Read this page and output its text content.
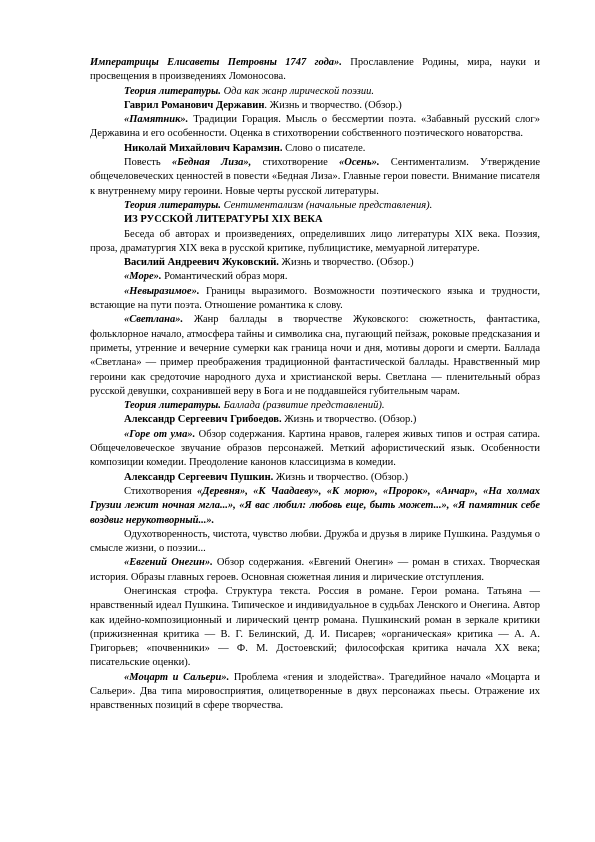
Императрицы Елисаветы Петровны 1747 года». Прославление Родины, мира, науки и просвещения в произведениях Ломоносова.

Теория литературы. Ода как жанр лирической поэзии.

Гаврил Романович Державин. Жизнь и творчество. (Обзор.)

«Памятник». Традиции Горация. Мысль о бессмертии поэта. «Забавный русский слог» Державина и его особенности. Оценка в стихотворении собственного поэтического новаторства.

Николай Михайлович Карамзин. Слово о писателе.

Повесть «Бедная Лиза», стихотворение «Осень». Сентиментализм. Утверждение общечеловеческих ценностей в повести «Бедная Лиза». Главные герои повести. Внимание писателя к внутреннему миру героини. Новые черты русской литературы.

Теория литературы. Сентиментализм (начальные представления).

ИЗ РУССКОЙ ЛИТЕРАТУРЫ XIX ВЕКА

Беседа об авторах и произведениях, определивших лицо литературы XIX века. Поэзия, проза, драматургия XIX века в русской критике, публицистике, мемуарной литературе.

Василий Андреевич Жуковский. Жизнь и творчество. (Обзор.)

«Море». Романтический образ моря.

«Невыразимое». Границы выразимого. Возможности поэтического языка и трудности, встающие на пути поэта. Отношение романтика к слову.

«Светлана». Жанр баллады в творчестве Жуковского: сюжетность, фантастика, фольклорное начало, атмосфера тайны и символика сна, пугающий пейзаж, роковые предсказания и приметы, утренние и вечерние сумерки как граница ночи и дня, мотивы дороги и смерти. Баллада «Светлана» — пример преображения традиционной фантастической баллады. Нравственный мир героини как средоточие народного духа и христианской веры. Светлана — пленительный образ русской девушки, сохранившей веру в Бога и не поддавшейся губительным чарам.

Теория литературы. Баллада (развитие представлений).

Александр Сергеевич Грибоедов. Жизнь и творчество. (Обзор.)

«Горе от ума». Обзор содержания. Картина нравов, галерея живых типов и острая сатира. Общечеловеческое звучание образов персонажей. Меткий афористический язык. Особенности композиции комедии. Преодоление канонов классицизма в комедии.

Александр Сергеевич Пушкин. Жизнь и творчество. (Обзор.)

Стихотворения «Деревня», «К Чаадаеву», «К морю», «Пророк», «Анчар», «На холмах Грузии лежит ночная мгла...», «Я вас любил: любовь еще, быть может...», «Я памятник себе воздвиг нерукотворный...».

Одухотворенность, чистота, чувство любви. Дружба и друзья в лирике Пушкина. Раздумья о смысле жизни, о поэзии...

«Евгений Онегин». Обзор содержания. «Евгений Онегин» — роман в стихах. Творческая история. Образы главных героев. Основная сюжетная линия и лирические отступления.

Онегинская строфа. Структура текста. Россия в романе. Герои романа. Татьяна — нравственный идеал Пушкина. Типическое и индивидуальное в судьбах Ленского и Онегина. Автор как идейно-композиционный и лирический центр романа. Пушкинский роман в зеркале критики (прижизненная критика — В. Г. Белинский, Д. И. Писарев; «органическая» критика — А. А. Григорьев; «почвенники» — Ф. М. Достоевский; философская критика начала XX века; писательские оценки).

«Моцарт и Сальери». Проблема «гения и злодейства». Трагедийное начало «Моцарта и Сальери». Два типа мировосприятия, олицетворенные в двух персонажах пьесы. Отражение их нравственных позиций в сфере творчества.
